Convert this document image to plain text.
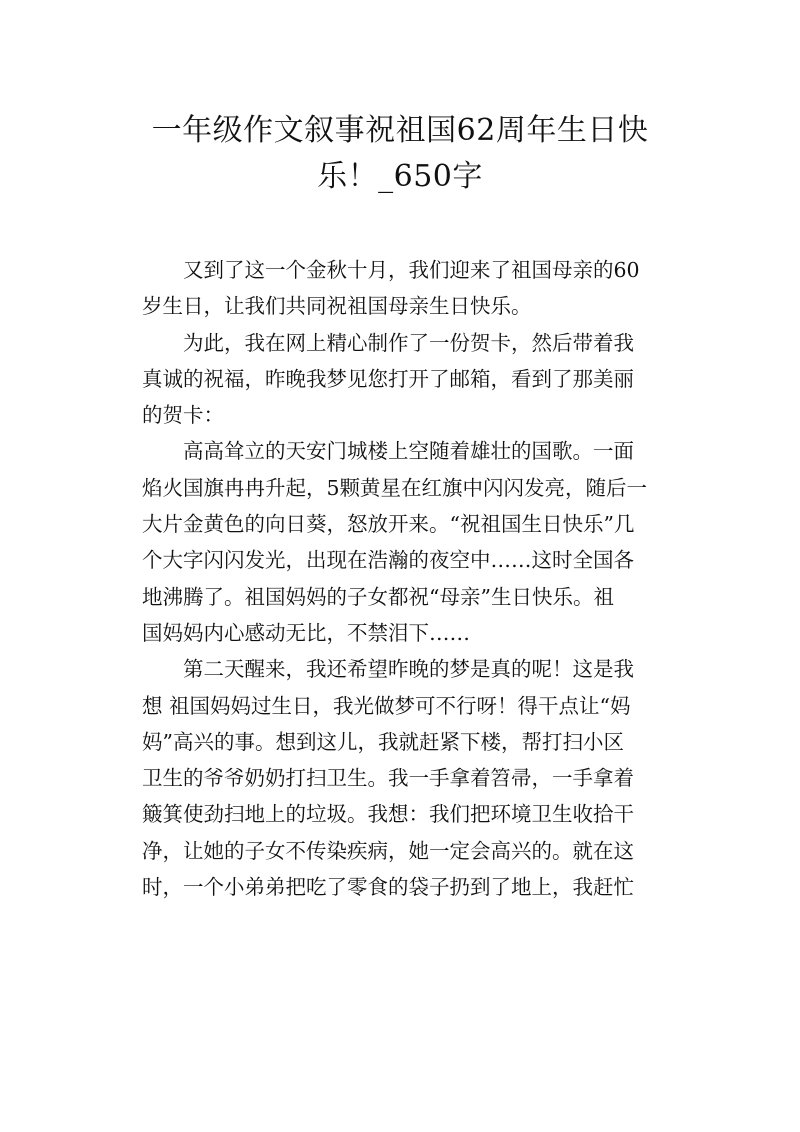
一年级作文叙事祝祖国62周年生日快
乐！_650字

又到了这一个金秋十月，我们迎来了祖国母亲的60
岁生日，让我们共同祝祖国母亲生日快乐。

为此，我在网上精心制作了一份贺卡，然后带着我
真诚的祝福，昨晚我梦见您打开了邮箱，看到了那美丽
的贺卡：

高高耸立的天安门城楼上空随着雄壮的国歌。一面
焰火国旗冉冉升起，5颗黄星在红旗中闪闪发亮，随后一
大片金黄色的向日葵，怒放开来。“祝祖国生日快乐”几
个大字闪闪发光，出现在浩瀚的夜空中……这时全国各
地沸腾了。祖国妈妈的子女都祝“母亲”生日快乐。祖
国妈妈内心感动无比，不禁泪下……

第二天醒来，我还希望昨晚的梦是真的呢！这是我
想 祖国妈妈过生日，我光做梦可不行呀！得干点让“妈
妈”高兴的事。想到这儿，我就赶紧下楼，帮打扫小区
卫生的爷爷奶奶打扫卫生。我一手拿着笤帚，一手拿着
簸箕使劲扫地上的垃圾。我想：我们把环境卫生收拾干
净，让她的子女不传染疾病，她一定会高兴的。就在这
时，一个小弟弟把吃了零食的袋子扔到了地上，我赶忙
